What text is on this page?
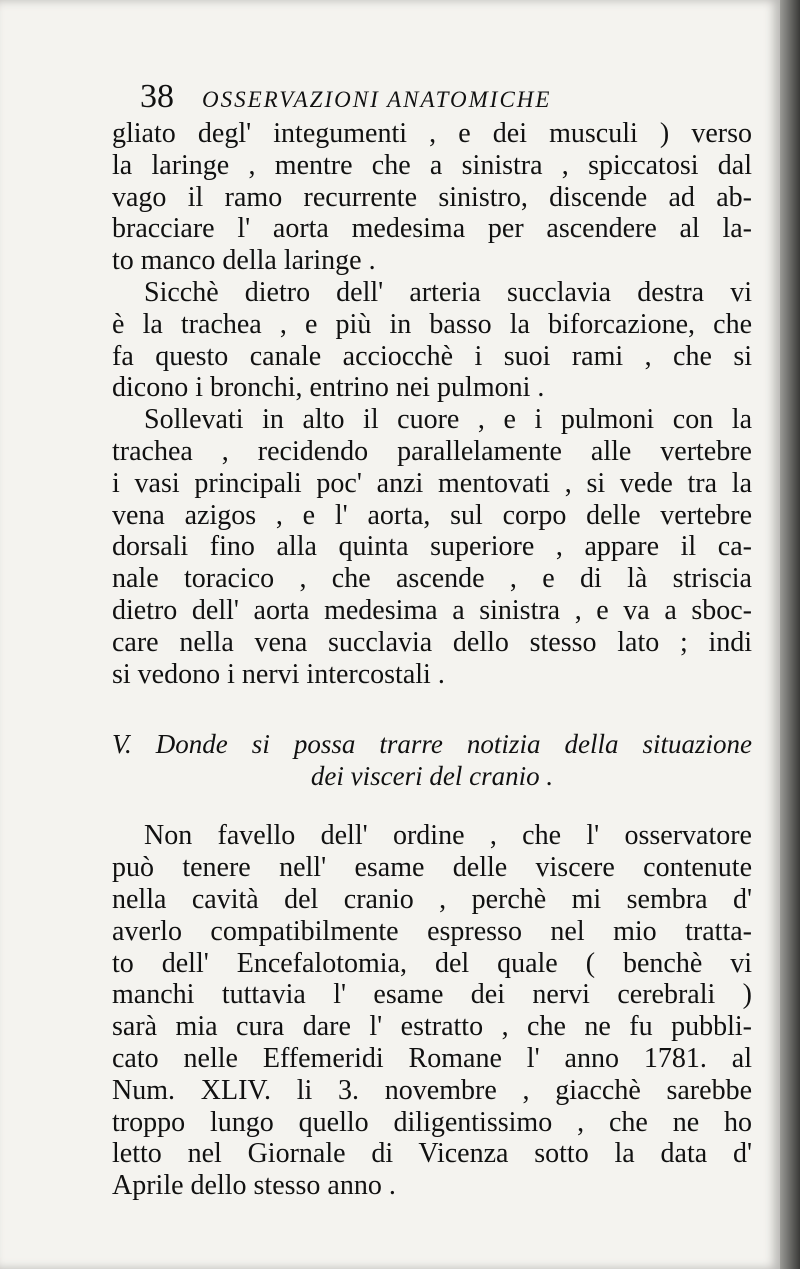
38 OSSERVAZIONI ANATOMICHE
gliato degl' integumenti , e dei musculi ) verso
la laringe , mentre che a sinistra , spiccatosi dal
vago il ramo recurrente sinistro, discende ad ab-
bracciare l' aorta medesima per ascendere al la-
to manco della laringe .
Sicchè dietro dell' arteria succlavia destra vi
è la trachea , e più in basso la biforcazione, che
fa questo canale acciocchè i suoi rami , che si
dicono i bronchi, entrino nei pulmoni .
Sollevati in alto il cuore , e i pulmoni con la
trachea , recidendo parallelamente alle vertebre
i vasi principali poc' anzi mentovati , si vede tra la
vena azigos , e l' aorta, sul corpo delle vertebre
dorsali fino alla quinta superiore , appare il ca-
nale toracico , che ascende , e di là striscia
dietro dell' aorta medesima a sinistra , e va a sboc-
care nella vena succlavia dello stesso lato ; indi
si vedono i nervi intercostali .
V. Donde si possa trarre notizia della situazione
dei visceri del cranio .
Non favello dell' ordine , che l' osservatore
può tenere nell' esame delle viscere contenute
nella cavità del cranio , perchè mi sembra d'
averlo compatibilmente espresso nel mio tratta-
to dell' Encefalotomia, del quale ( benchè vi
manchi tuttavia l' esame dei nervi cerebrali )
sarà mia cura dare l' estratto , che ne fu pubbli-
cato nelle Effemeridi Romane l' anno 1781. al
Num. XLIV. li 3. novembre , giacchè sarebbe
troppo lungo quello diligentissimo , che ne ho
letto nel Giornale di Vicenza sotto la data d'
Aprile dello stesso anno .
